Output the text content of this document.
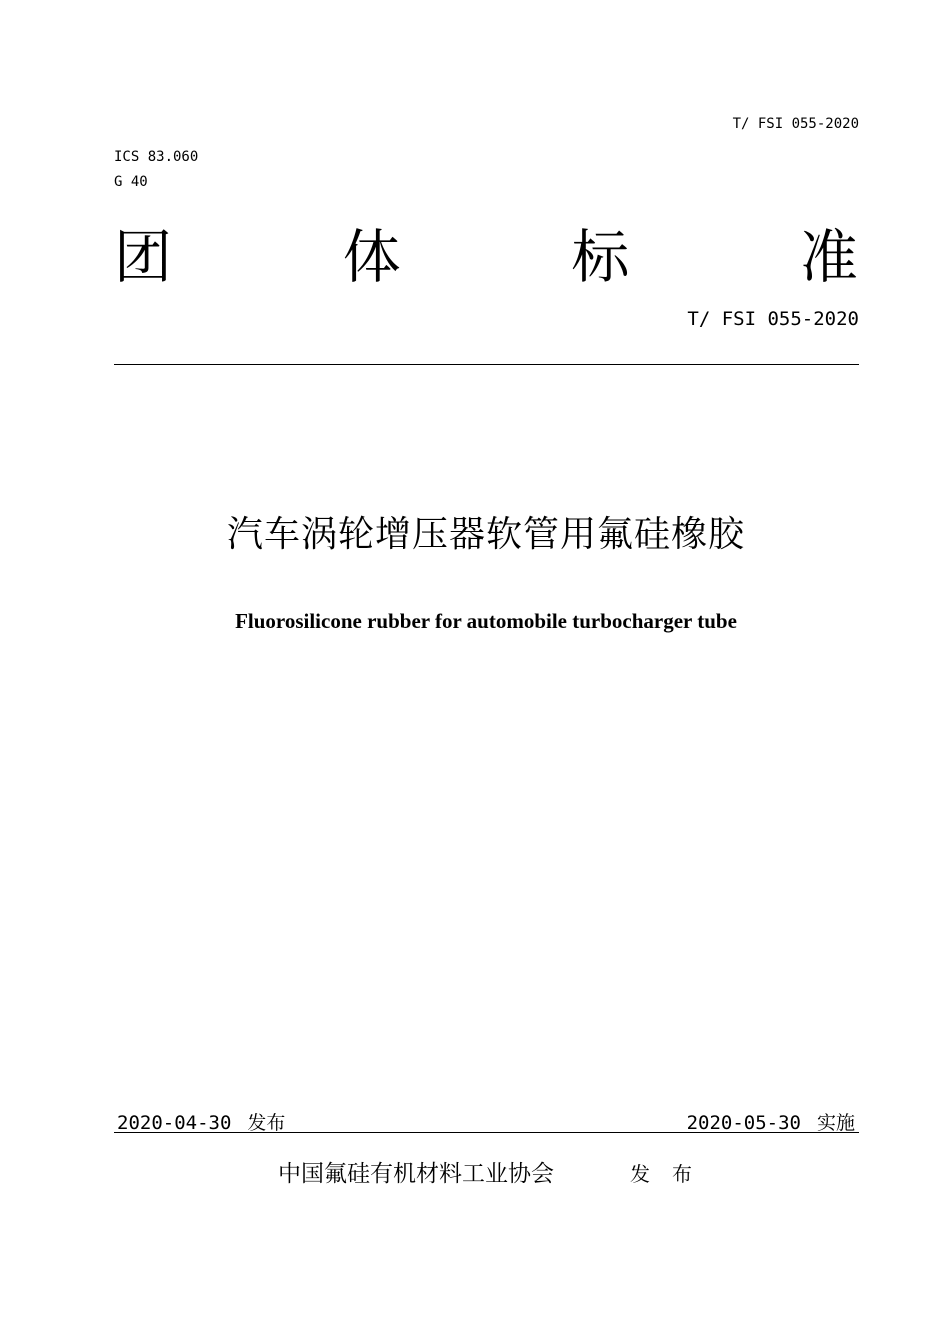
T/ FSI 055-2020
ICS 83.060
G 40
团	体	标	准
T/ FSI 055-2020
汽车涡轮增压器软管用氟硅橡胶
Fluorosilicone rubber for automobile turbocharger tube
2020-04-30 发布	2020-05-30 实施
中国氟硅有机材料工业协会	发布
